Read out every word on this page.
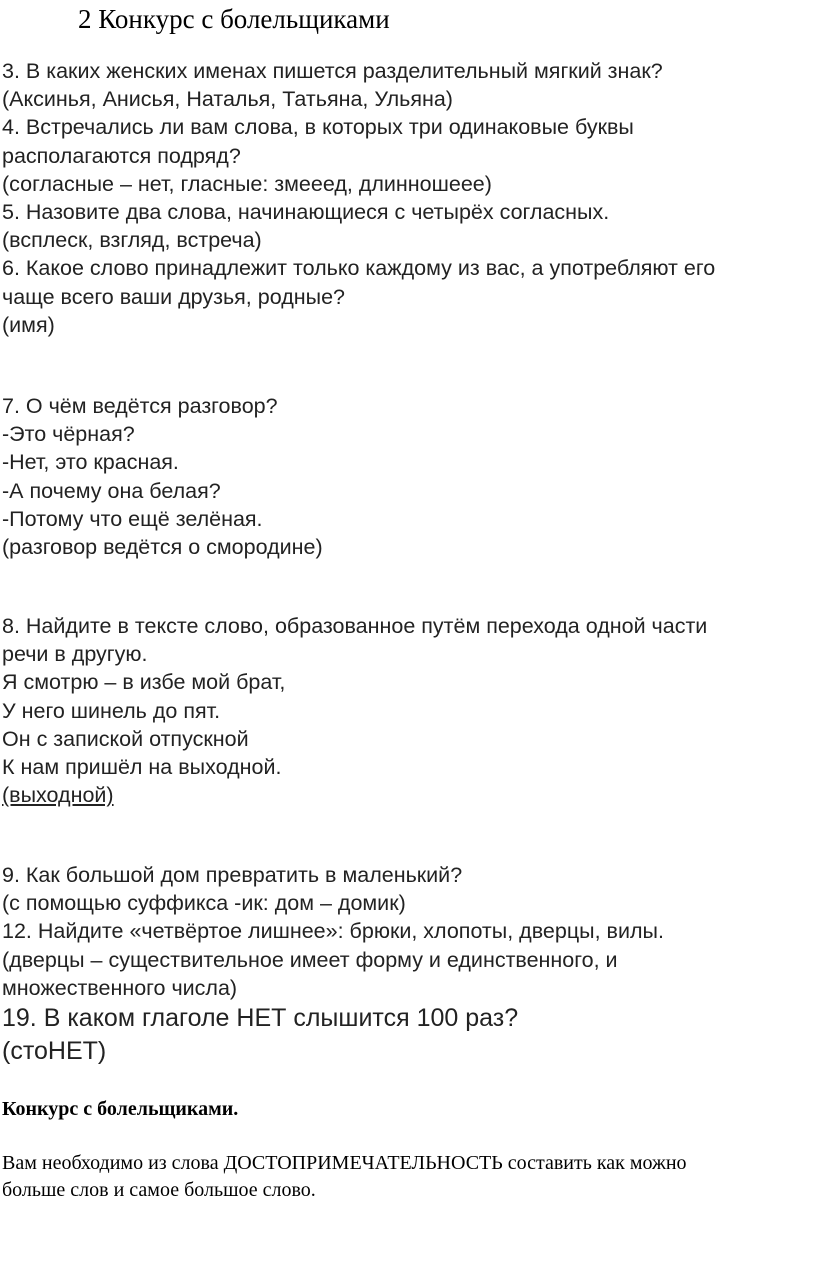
2 Конкурс с болельщиками
3. В каких женских именах пишется разделительный мягкий знак?
(Аксинья, Анисья, Наталья, Татьяна, Ульяна)
4. Встречались ли вам слова, в которых три одинаковые буквы
располагаются подряд?
(согласные – нет, гласные: змееед, длинношеее)
5. Назовите два слова, начинающиеся с четырёх согласных.
(всплеск, взгляд, встреча)
6. Какое слово принадлежит только каждому из вас, а употребляют его
чаще всего ваши друзья, родные?
(имя)
7. О чём ведётся разговор?
-Это чёрная?
-Нет, это красная.
-А почему она белая?
-Потому что ещё зелёная.
(разговор ведётся о смородине)
8. Найдите в тексте слово, образованное путём перехода одной части
речи в другую.
Я смотрю – в избе мой брат,
У него шинель до пят.
Он с запиской отпускной
К нам пришёл на выходной.
(выходной)
9. Как большой дом превратить в маленький?
(с помощью суффикса -ик: дом – домик)
12. Найдите «четвёртое лишнее»: брюки, хлопоты, дверцы, вилы.
(дверцы – существительное имеет форму и единственного, и
множественного числа)
19. В каком глаголе НЕТ слышится 100 раз?
(стоНЕТ)
Конкурс с болельщиками.
Вам необходимо из слова ДОСТОПРИМЕЧАТЕЛЬНОСТЬ составить как можно
больше слов и самое большое слово.
